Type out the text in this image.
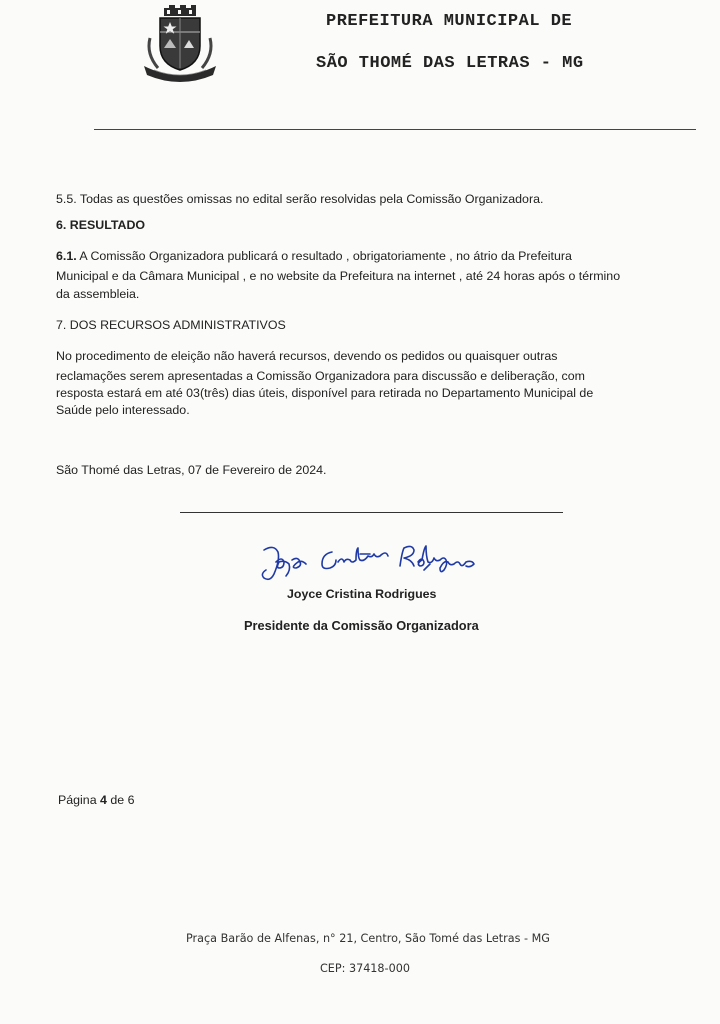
PREFEITURA MUNICIPAL DE
SÃO THOMÉ DAS LETRAS - MG
5.5. Todas as questões omissas no edital serão resolvidas pela Comissão Organizadora.
6. RESULTADO
6.1. A Comissão Organizadora publicará o resultado , obrigatoriamente , no átrio da Prefeitura
Municipal e da Câmara Municipal , e no website da Prefeitura na internet , até 24 horas após o término
da assembleia.
7. DOS RECURSOS ADMINISTRATIVOS
No procedimento de eleição não haverá recursos, devendo os pedidos ou quaisquer outras
reclamações serem apresentadas a Comissão Organizadora para discussão e deliberação, com
resposta estará em até 03(três) dias úteis, disponível para retirada no Departamento Municipal de
Saúde pelo interessado.
São Thomé das Letras, 07 de Fevereiro de 2024.
Joyce Cristina Rodrigues
Presidente da Comissão Organizadora
Página 4 de 6
Praça Barão de Alfenas, n° 21, Centro, São Tomé das Letras - MG
CEP: 37418-000
